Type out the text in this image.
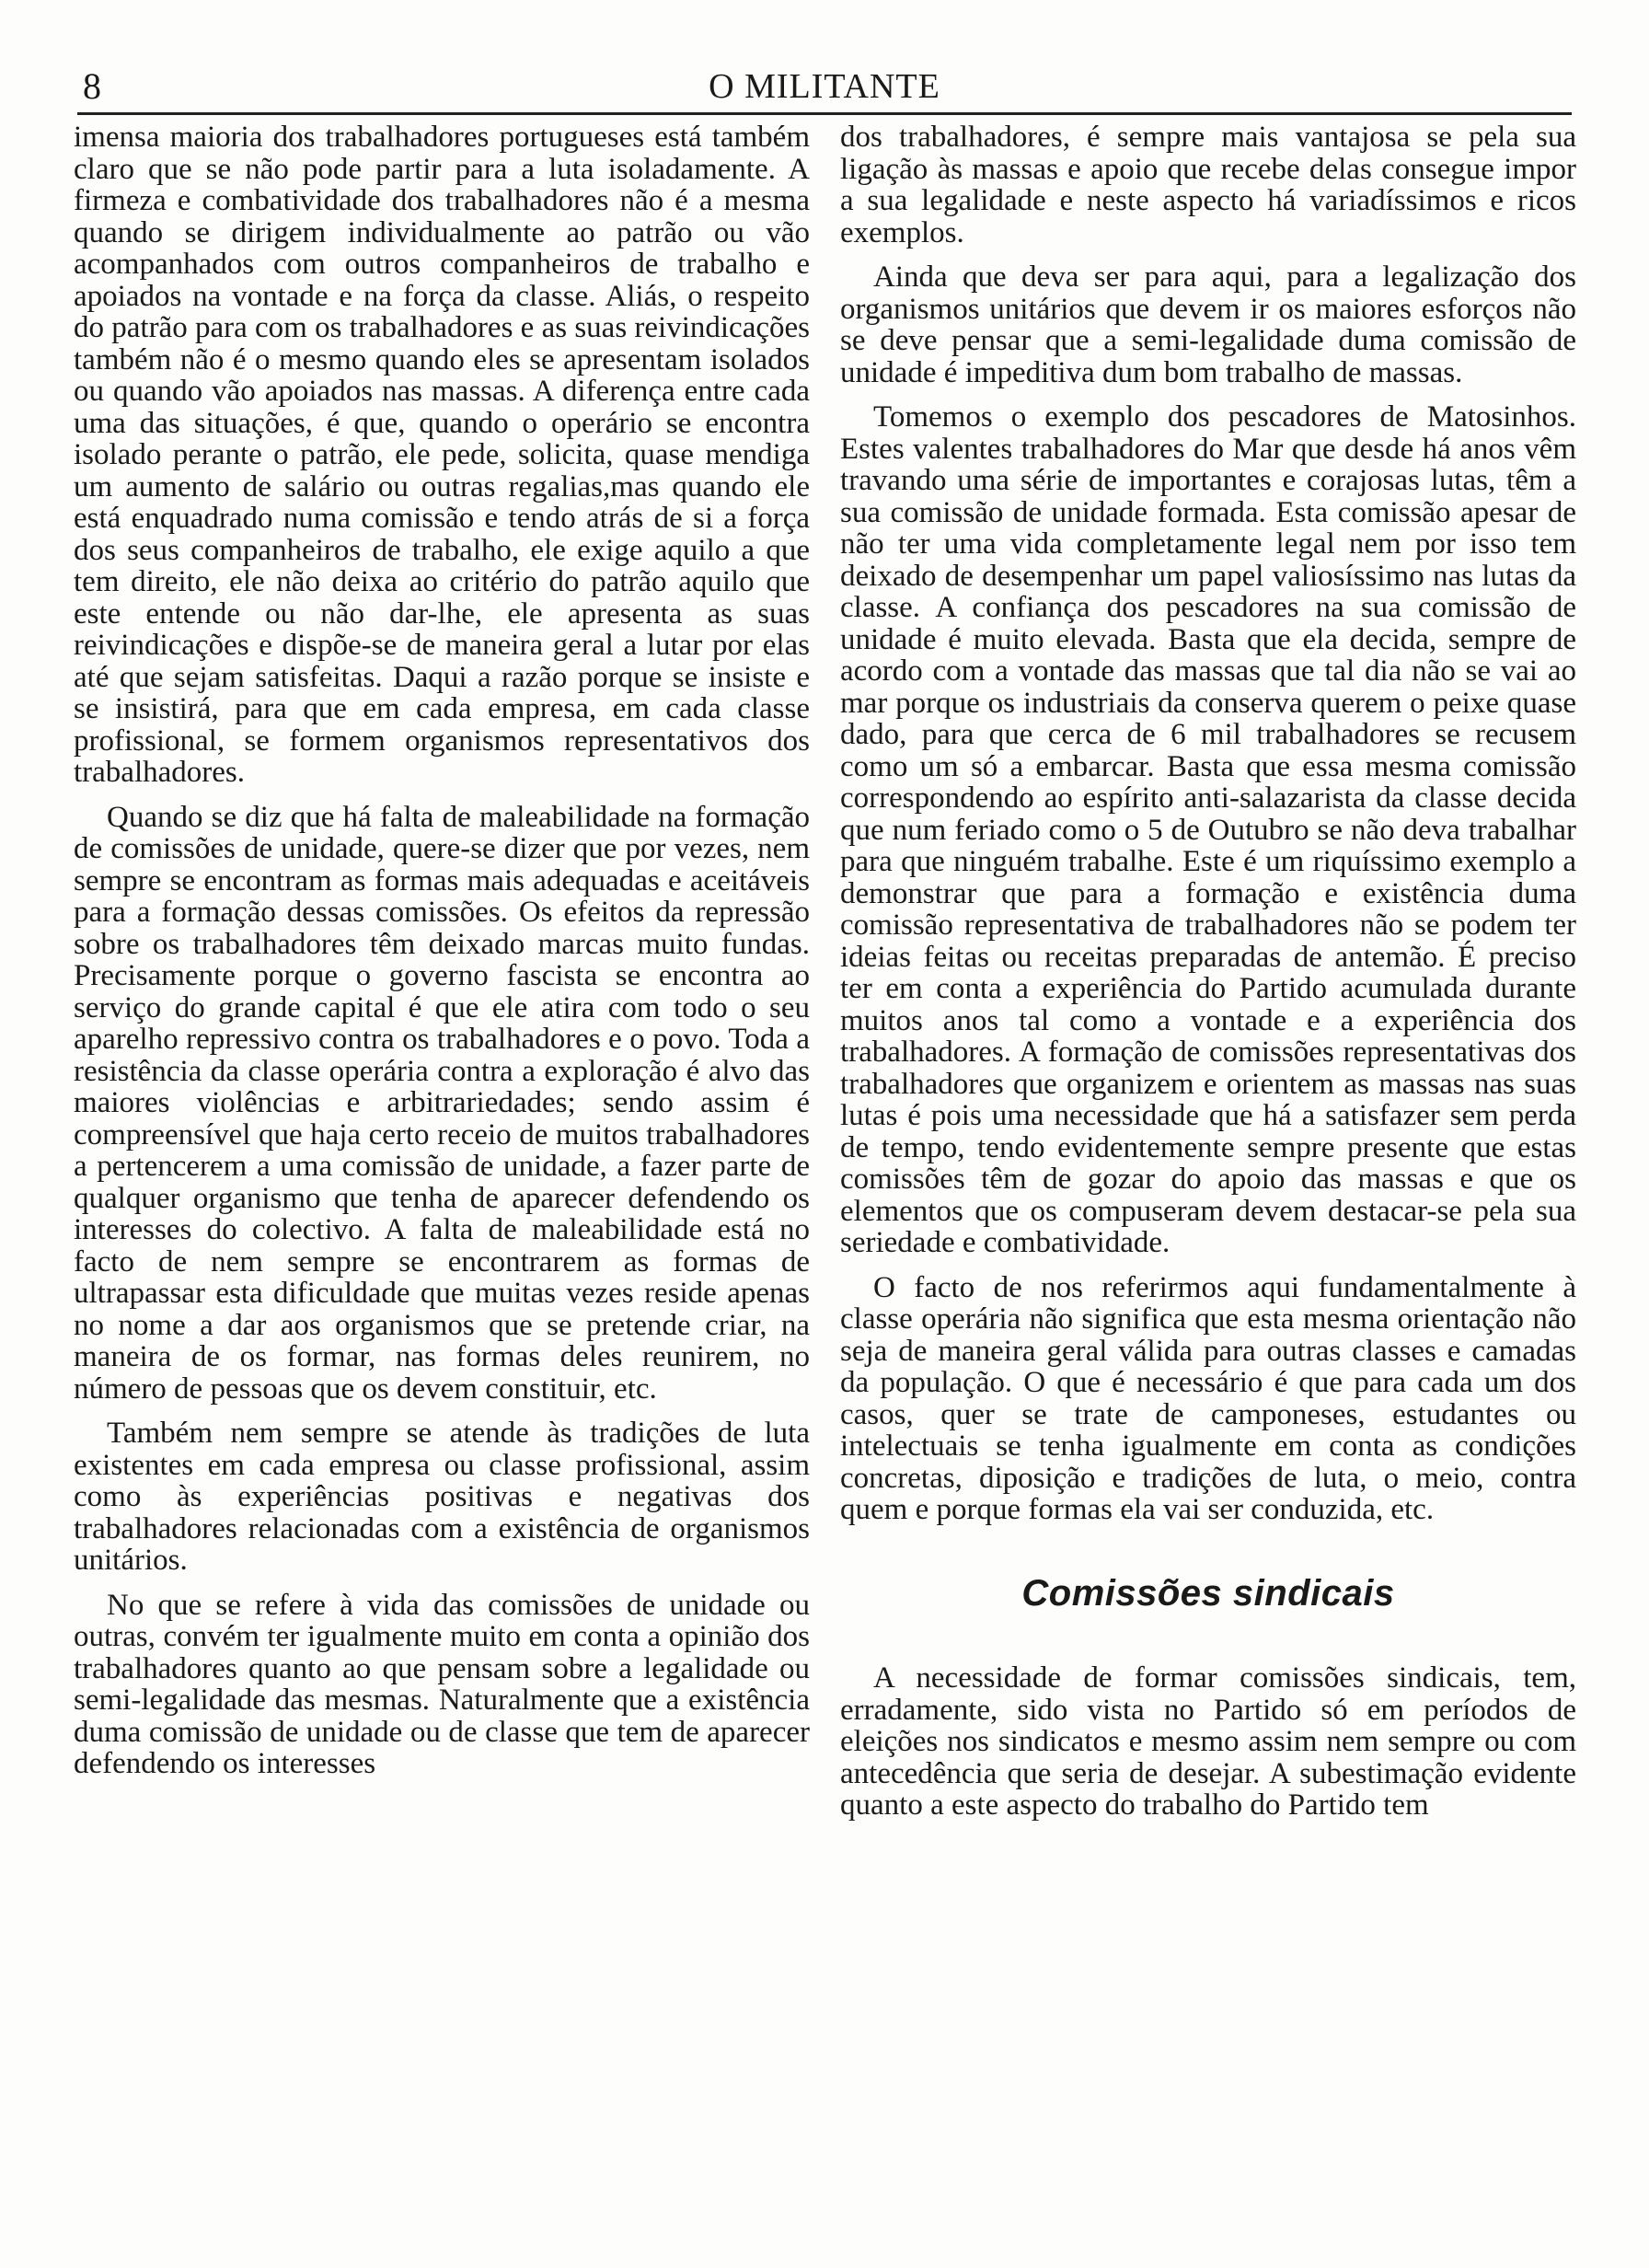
8	O MILITANTE

imensa maioria dos trabalhadores portugueses está também claro que se não pode partir para a luta isoladamente. A firmeza e combatividade dos trabalhadores não é a mesma quando se dirigem individualmente ao patrão ou vão acompanhados com outros companheiros de trabalho e apoiados na vontade e na força da classe. Aliás, o respeito do patrão para com os trabalhadores e as suas reivindicações também não é o mesmo quando eles se apresentam isolados ou quando vão apoiados nas massas. A diferença entre cada uma das situações, é que, quando o operário se encontra isolado perante o patrão, ele pede, solicita, quase mendiga um aumento de salário ou outras regalias,mas quando ele está enquadrado numa comissão e tendo atrás de si a força dos seus companheiros de trabalho, ele exige aquilo a que tem direito, ele não deixa ao critério do patrão aquilo que este entende ou não dar-lhe, ele apresenta as suas reivindicações e dispõe-se de maneira geral a lutar por elas até que sejam satisfeitas. Daqui a razão porque se insiste e se insistirá, para que em cada empresa, em cada classe profissional, se formem organismos representativos dos trabalhadores.

Quando se diz que há falta de maleabilidade na formação de comissões de unidade, quere-se dizer que por vezes, nem sempre se encontram as formas mais adequadas e aceitáveis para a formação dessas comissões. Os efeitos da repressão sobre os trabalhadores têm deixado marcas muito fundas. Precisamente porque o governo fascista se encontra ao serviço do grande capital é que ele atira com todo o seu aparelho repressivo contra os trabalhadores e o povo. Toda a resistência da classe operária contra a exploração é alvo das maiores violências e arbitrariedades; sendo assim é compreensível que haja certo receio de muitos trabalhadores a pertencerem a uma comissão de unidade, a fazer parte de qualquer organismo que tenha de aparecer defendendo os interesses do colectivo. A falta de maleabilidade está no facto de nem sempre se encontrarem as formas de ultrapassar esta dificuldade que muitas vezes reside apenas no nome a dar aos organismos que se pretende criar, na maneira de os formar, nas formas deles reunirem, no número de pessoas que os devem constituir, etc.

Também nem sempre se atende às tradições de luta existentes em cada empresa ou classe profissional, assim como às experiências positivas e negativas dos trabalhadores relacionadas com a existência de organismos unitários.

No que se refere à vida das comissões de unidade ou outras, convém ter igualmente muito em conta a opinião dos trabalhadores quanto ao que pensam sobre a legalidade ou semi-legalidade das mesmas. Naturalmente que a existência duma comissão de unidade ou de classe que tem de aparecer defendendo os interesses

dos trabalhadores, é sempre mais vantajosa se pela sua ligação às massas e apoio que recebe delas consegue impor a sua legalidade e neste aspecto há variadíssimos e ricos exemplos.

Ainda que deva ser para aqui, para a legalização dos organismos unitários que devem ir os maiores esforços não se deve pensar que a semi-legalidade duma comissão de unidade é impeditiva dum bom trabalho de massas.

Tomemos o exemplo dos pescadores de Matosinhos. Estes valentes trabalhadores do Mar que desde há anos vêm travando uma série de importantes e corajosas lutas, têm a sua comissão de unidade formada. Esta comissão apesar de não ter uma vida completamente legal nem por isso tem deixado de desempenhar um papel valiosíssimo nas lutas da classe. A confiança dos pescadores na sua comissão de unidade é muito elevada. Basta que ela decida, sempre de acordo com a vontade das massas que tal dia não se vai ao mar porque os industriais da conserva querem o peixe quase dado, para que cerca de 6 mil trabalhadores se recusem como um só a embarcar. Basta que essa mesma comissão correspondendo ao espírito anti-salazarista da classe decida que num feriado como o 5 de Outubro se não deva trabalhar para que ninguém trabalhe. Este é um riquíssimo exemplo a demonstrar que para a formação e existência duma comissão representativa de trabalhadores não se podem ter ideias feitas ou receitas preparadas de antemão. É preciso ter em conta a experiência do Partido acumulada durante muitos anos tal como a vontade e a experiência dos trabalhadores. A formação de comissões representativas dos trabalhadores que organizem e orientem as massas nas suas lutas é pois uma necessidade que há a satisfazer sem perda de tempo, tendo evidentemente sempre presente que estas comissões têm de gozar do apoio das massas e que os elementos que os compuseram devem destacar-se pela sua seriedade e combatividade.

O facto de nos referirmos aqui fundamentalmente à classe operária não significa que esta mesma orientação não seja de maneira geral válida para outras classes e camadas da população. O que é necessário é que para cada um dos casos, quer se trate de camponeses, estudantes ou intelectuais se tenha igualmente em conta as condições concretas, diposição e tradições de luta, o meio, contra quem e porque formas ela vai ser conduzida, etc.

Comissões sindicais

A necessidade de formar comissões sindicais, tem, erradamente, sido vista no Partido só em períodos de eleições nos sindicatos e mesmo assim nem sempre ou com antecedência que seria de desejar. A subestimação evidente quanto a este aspecto do trabalho do Partido tem
